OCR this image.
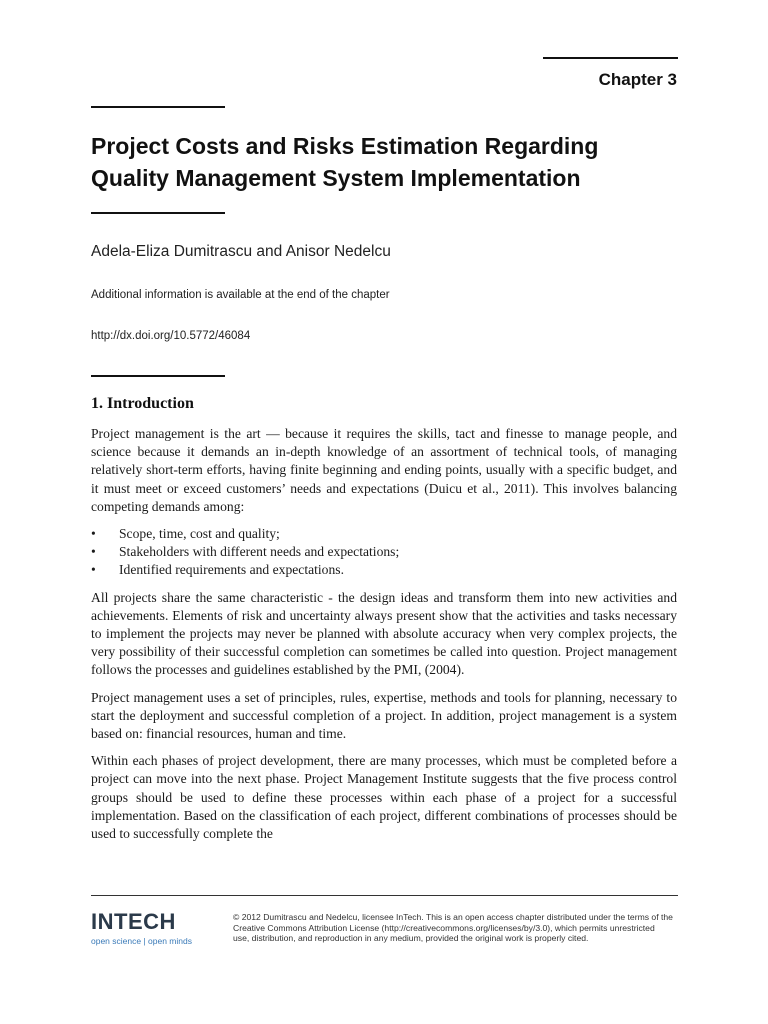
Chapter 3
Project Costs and Risks Estimation Regarding
Quality Management System Implementation
Adela-Eliza Dumitrascu and Anisor Nedelcu
Additional information is available at the end of the chapter
http://dx.doi.org/10.5772/46084
1. Introduction

Project management is the art — because it requires the skills, tact and finesse to manage people, and science because it demands an in-depth knowledge of an assortment of technical tools, of managing relatively short-term efforts, having finite beginning and ending points, usually with a specific budget, and it must meet or exceed customers’ needs and expectations (Duicu et al., 2011). This involves balancing competing demands among:

• Scope, time, cost and quality;
• Stakeholders with different needs and expectations;
• Identified requirements and expectations.

All projects share the same characteristic - the design ideas and transform them into new activities and achievements. Elements of risk and uncertainty always present show that the activities and tasks necessary to implement the projects may never be planned with absolute accuracy when very complex projects, the very possibility of their successful completion can sometimes be called into question. Project management follows the processes and guidelines established by the PMI, (2004).

Project management uses a set of principles, rules, expertise, methods and tools for planning, necessary to start the deployment and successful completion of a project. In addition, project management is a system based on: financial resources, human and time.

Within each phases of project development, there are many processes, which must be completed before a project can move into the next phase. Project Management Institute suggests that the five process control groups should be used to define these processes within each phase of a project for a successful implementation. Based on the classification of each project, different combinations of processes should be used to successfully complete the

INTECH
open science | open minds
© 2012 Dumitrascu and Nedelcu, licensee InTech. This is an open access chapter distributed under the terms of the Creative Commons Attribution License (http://creativecommons.org/licenses/by/3.0), which permits unrestricted use, distribution, and reproduction in any medium, provided the original work is properly cited.
